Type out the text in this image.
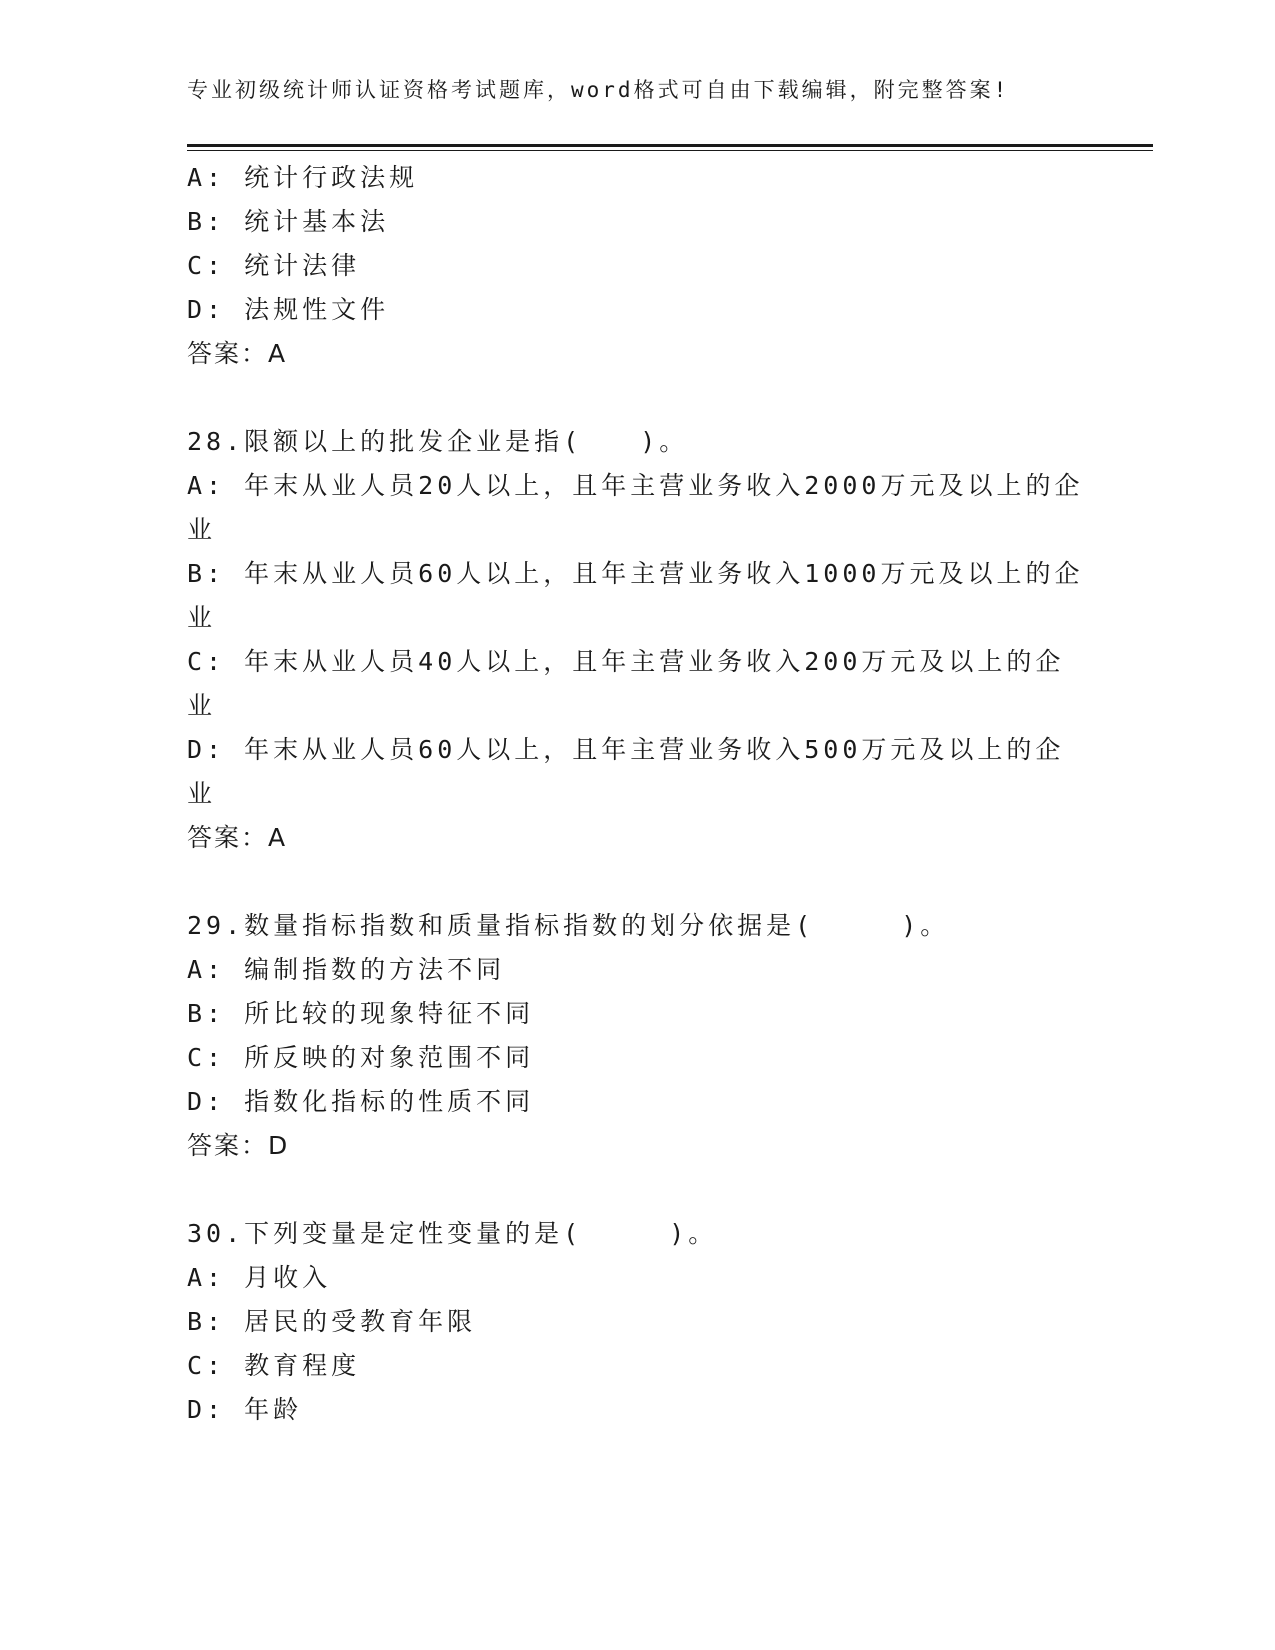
专业初级统计师认证资格考试题库，word格式可自由下载编辑，附完整答案!
A: 统计行政法规
B: 统计基本法
C: 统计法律
D: 法规性文件
答案：A
28.限额以上的批发企业是指(　　)。
A: 年末从业人员20人以上，且年主营业务收入2000万元及以上的企
业
B: 年末从业人员60人以上，且年主营业务收入1000万元及以上的企
业
C: 年末从业人员40人以上，且年主营业务收入200万元及以上的企
业
D: 年末从业人员60人以上，且年主营业务收入500万元及以上的企
业
答案：A
29.数量指标指数和质量指标指数的划分依据是(　　　)。
A: 编制指数的方法不同
B: 所比较的现象特征不同
C: 所反映的对象范围不同
D: 指数化指标的性质不同
答案：D
30.下列变量是定性变量的是(　　　)。
A: 月收入
B: 居民的受教育年限
C: 教育程度
D: 年龄
